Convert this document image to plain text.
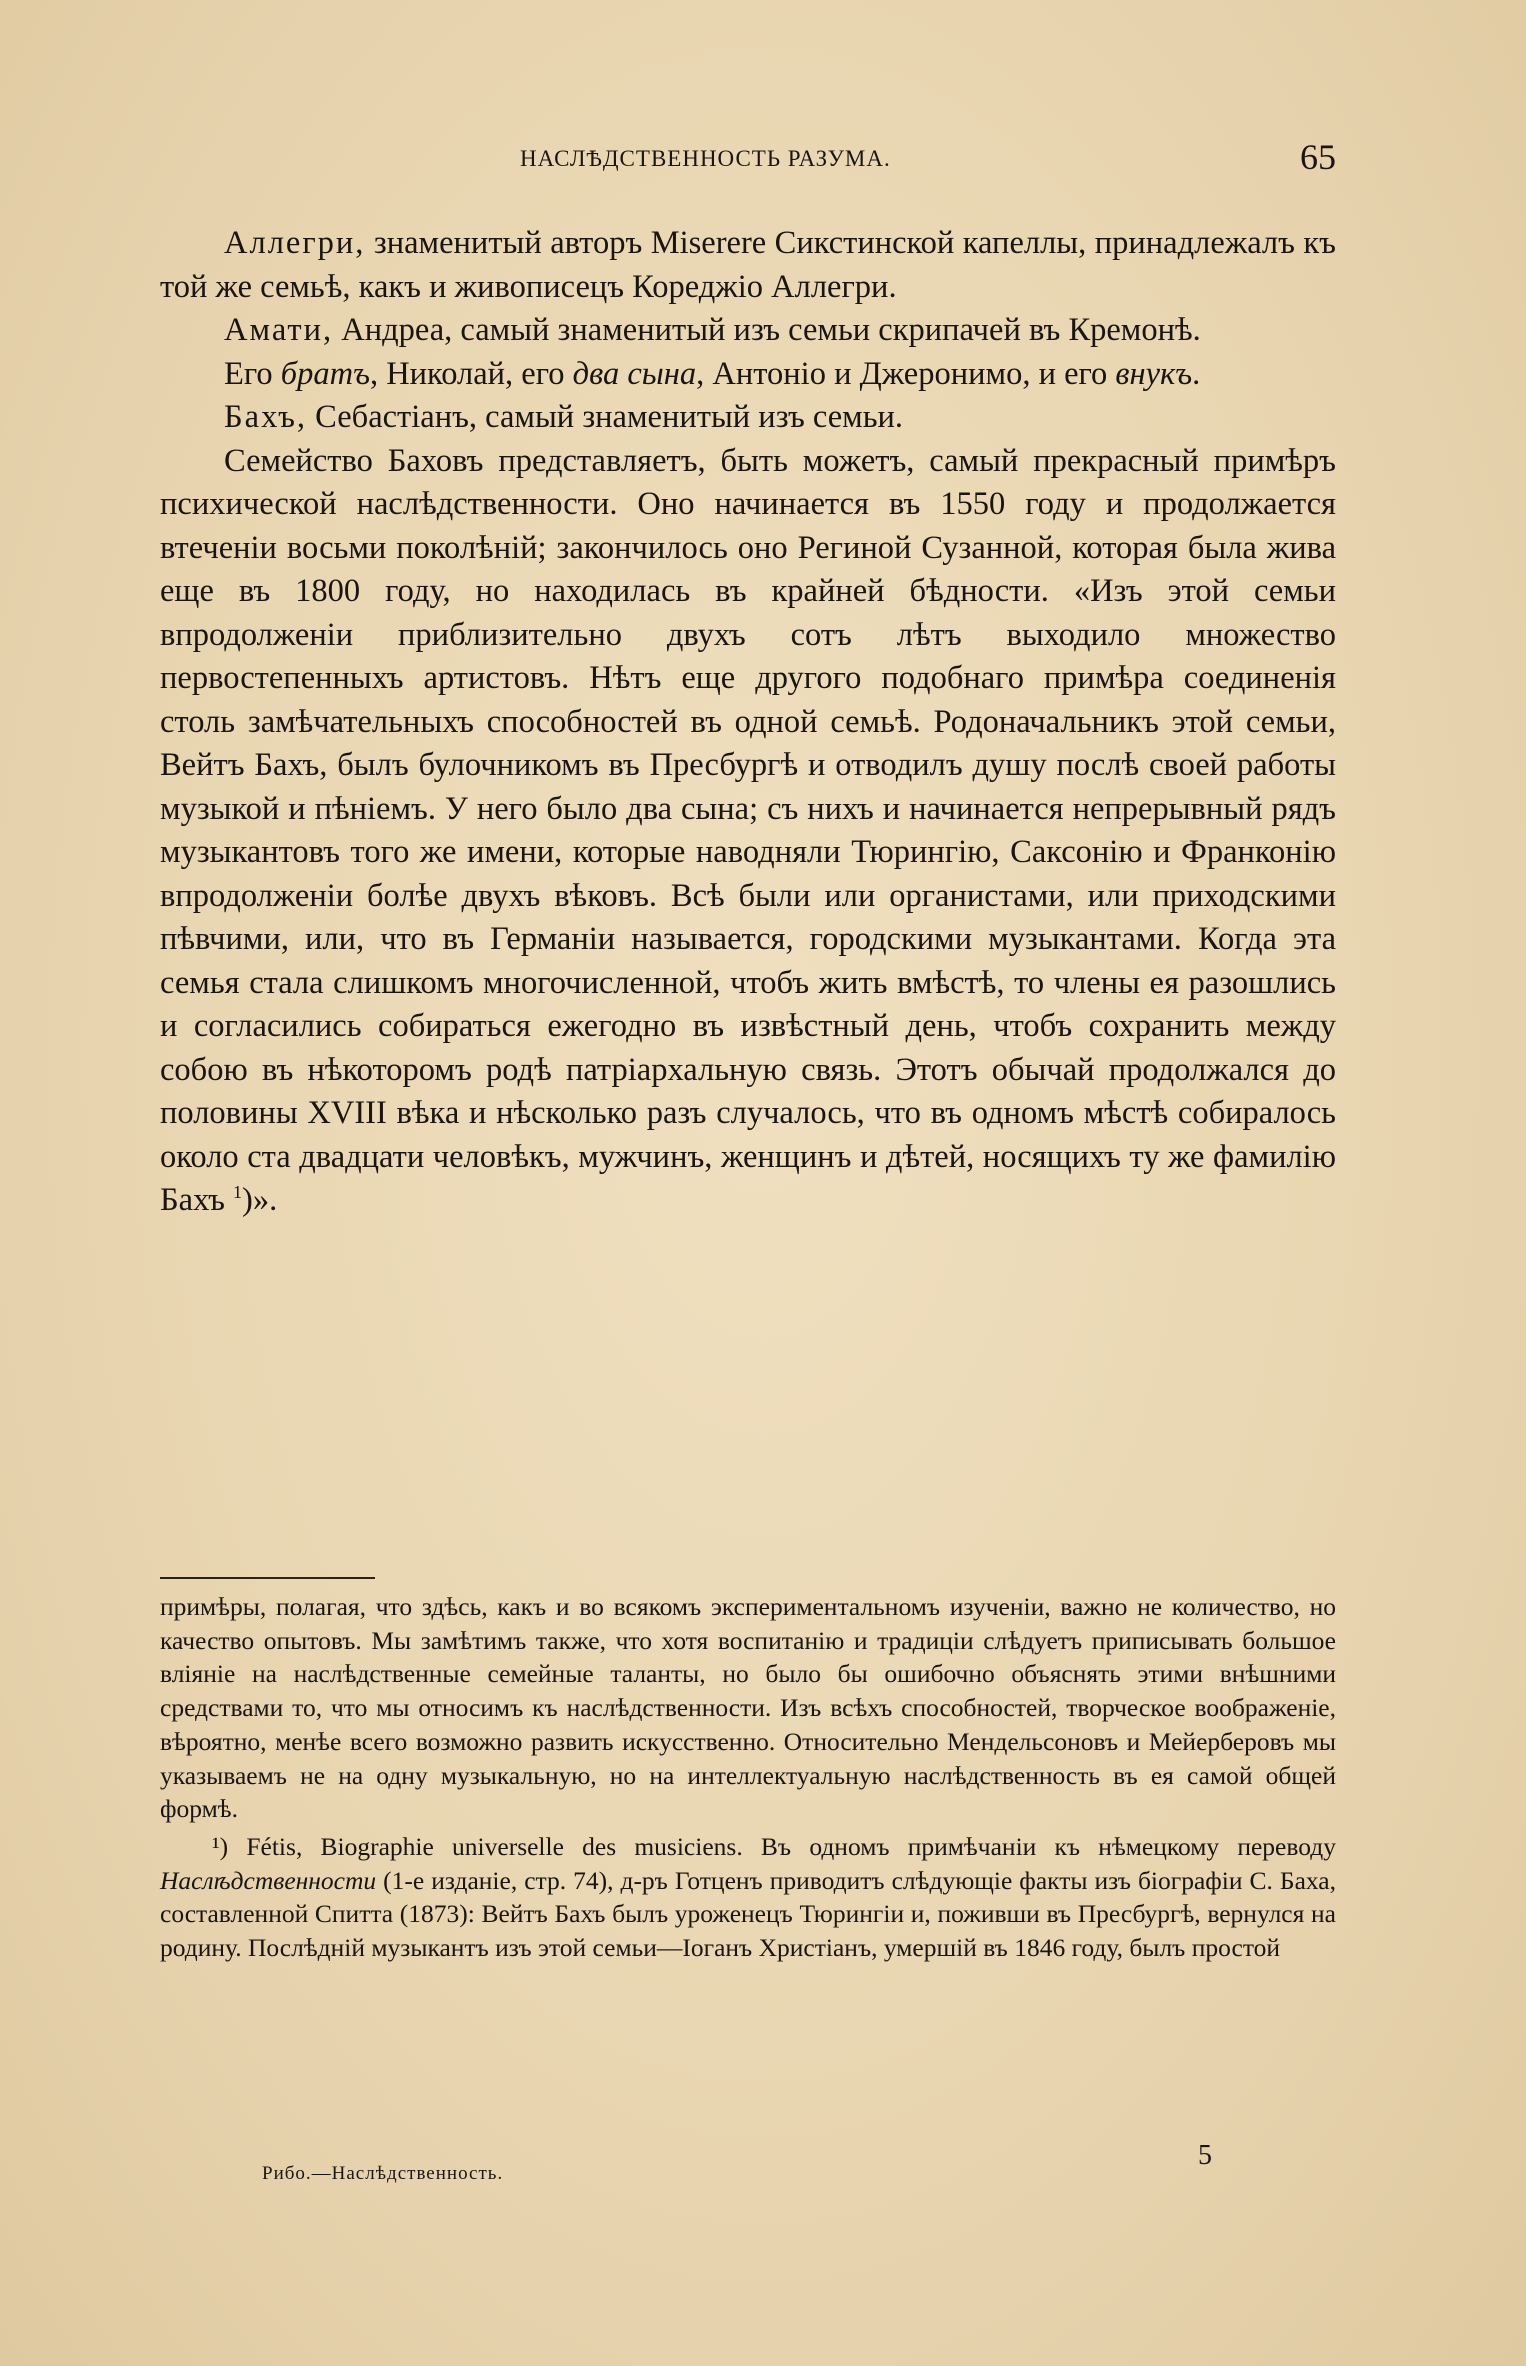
НАСЛѢДСТВЕННОСТЬ РАЗУМА.	65

Аллегри, знаменитый авторъ Miserere Сикстинской капеллы, принадлежалъ къ той же семьѣ, какъ и живописецъ Кореджіо Аллегри.

Амати, Андреа, самый знаменитый изъ семьи скрипачей въ Кремонѣ.

Его братъ, Николай, его два сына, Антоніо и Джеронимо, и его внукъ.

Бахъ, Себастіанъ, самый знаменитый изъ семьи.

Семейство Баховъ представляетъ, быть можетъ, самый прекрасный примѣръ психической наслѣдственности. Оно начинается въ 1550 году и продолжается втеченіи восьми поколѣній; закончилось оно Региной Сузанной, которая была жива еще въ 1800 году, но находилась въ крайней бѣдности. «Изъ этой семьи впродолженіи приблизительно двухъ сотъ лѣтъ выходило множество первостепенныхъ артистовъ. Нѣтъ еще другого подобнаго примѣра соединенія столь замѣчательныхъ способностей въ одной семьѣ. Родоначальникъ этой семьи, Вейтъ Бахъ, былъ булочникомъ въ Пресбургѣ и отводилъ душу послѣ своей работы музыкой и пѣніемъ. У него было два сына; съ нихъ и начинается непрерывный рядъ музыкантовъ того же имени, которые наводняли Тюрингію, Саксонію и Франконію впродолженіи болѣе двухъ вѣковъ. Всѣ были или органистами, или приходскими пѣвчими, или, что въ Германіи называется, городскими музыкантами. Когда эта семья стала слишкомъ многочисленной, чтобъ жить вмѣстѣ, то члены ея разошлись и согласились собираться ежегодно въ извѣстный день, чтобъ сохранить между собою въ нѣкоторомъ родѣ патріархальную связь. Этотъ обычай продолжался до половины XVIII вѣка и нѣсколько разъ случалось, что въ одномъ мѣстѣ собиралось около ста двадцати человѣкъ, мужчинъ, женщинъ и дѣтей, носящихъ ту же фамилію Бахъ $^1$)».

примѣры, полагая, что здѣсь, какъ и во всякомъ экспериментальномъ изученіи, важно не количество, но качество опытовъ. Мы замѣтимъ также, что хотя воспитанію и традиціи слѣдуетъ приписывать большое вліяніе на наслѣдственные семейные таланты, но было бы ошибочно объяснять этими внѣшними средствами то, что мы относимъ къ наслѣдственности. Изъ всѣхъ способностей, творческое воображеніе, вѣроятно, менѣе всего возможно развить искусственно. Относительно Мендельсоновъ и Мейерберовъ мы указываемъ не на одну музыкальную, но на интеллектуальную наслѣдственность въ ея самой общей формѣ.

¹) Fétis, Biographie universelle des musiciens. Въ одномъ примѣчаніи къ нѣмецкому переводу Наслѣдственности (1-е изданіе, стр. 74), д-ръ Готценъ приводитъ слѣдующіе факты изъ біографіи С. Баха, составленной Спитта (1873): Вейтъ Бахъ былъ уроженецъ Тюрингіи и, поживши въ Пресбургѣ, вернулся на родину. Послѣдній музыкантъ изъ этой семьи—Іоганъ Христіанъ, умершій въ 1846 году, былъ простой

Рибо.—Наслѣдственность.
5
